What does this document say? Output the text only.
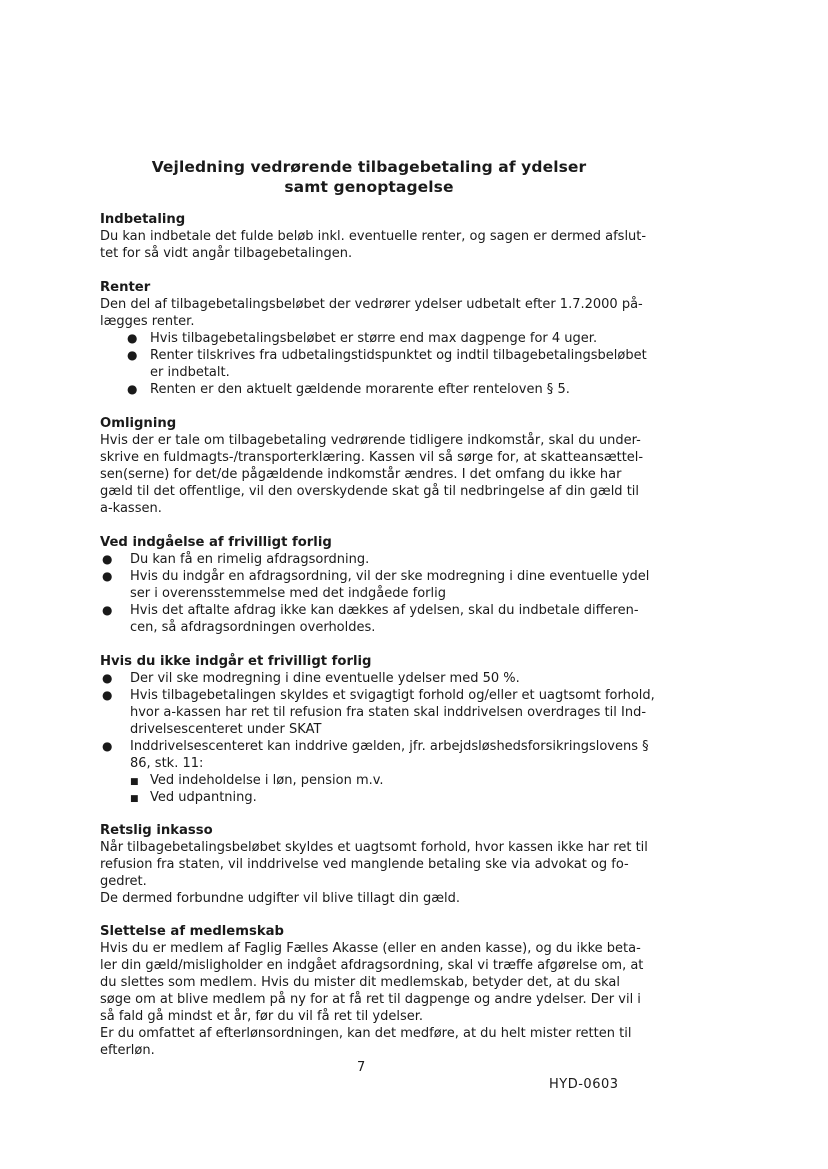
Vejledning vedrørende tilbagebetaling af ydelser
samt genoptagelse

Indbetaling

Du kan indbetale det fulde beløb inkl. eventuelle renter, og sagen er dermed afslut-
tet for så vidt angår tilbagebetalingen.

Renter

Den del af tilbagebetalingsbeløbet der vedrører ydelser udbetalt efter 1.7.2000 på-
lægges renter.

● Hvis tilbagebetalingsbeløbet er større end max dagpenge for 4 uger.
● Renter tilskrives fra udbetalingstidspunktet og indtil tilbagebetalingsbeløbet
er indbetalt.
● Renten er den aktuelt gældende morarente efter renteloven § 5.

Omligning

Hvis der er tale om tilbagebetaling vedrørende tidligere indkomstår, skal du under-
skrive en fuldmagts-/transporterklæring. Kassen vil så sørge for, at skatteansættel-
sen(serne) for det/de pågældende indkomstår ændres. I det omfang du ikke har
gæld til det offentlige, vil den overskydende skat gå til nedbringelse af din gæld til
a-kassen.

Ved indgåelse af frivilligt forlig

● Du kan få en rimelig afdragsordning.
● Hvis du indgår en afdragsordning, vil der ske modregning i dine eventuelle ydel
ser i overensstemmelse med det indgåede forlig
● Hvis det aftalte afdrag ikke kan dækkes af ydelsen, skal du indbetale differen-
cen, så afdragsordningen overholdes.

Hvis du ikke indgår et frivilligt forlig

● Der vil ske modregning i dine eventuelle ydelser med 50 %.
● Hvis tilbagebetalingen skyldes et svigagtigt forhold og/eller et uagtsomt forhold,
hvor a-kassen har ret til refusion fra staten skal inddrivelsen overdrages til Ind-
drivelsescenteret under SKAT
● Inddrivelsescenteret kan inddrive gælden, jfr. arbejdsløshedsforsikringslovens §
86, stk. 11:
■ Ved indeholdelse i løn, pension m.v.
■ Ved udpantning.

Retslig inkasso

Når tilbagebetalingsbeløbet skyldes et uagtsomt forhold, hvor kassen ikke har ret til
refusion fra staten, vil inddrivelse ved manglende betaling ske via advokat og fo-
gedret.
De dermed forbundne udgifter vil blive tillagt din gæld.

Slettelse af medlemskab

Hvis du er medlem af Faglig Fælles Akasse (eller en anden kasse), og du ikke beta-
ler din gæld/misligholder en indgået afdragsordning, skal vi træffe afgørelse om, at
du slettes som medlem. Hvis du mister dit medlemskab, betyder det, at du skal
søge om at blive medlem på ny for at få ret til dagpenge og andre ydelser. Der vil i
så fald gå mindst et år, før du vil få ret til ydelser.
Er du omfattet af efterlønsordningen, kan det medføre, at du helt mister retten til
efterløn.

7
HYD-0603
